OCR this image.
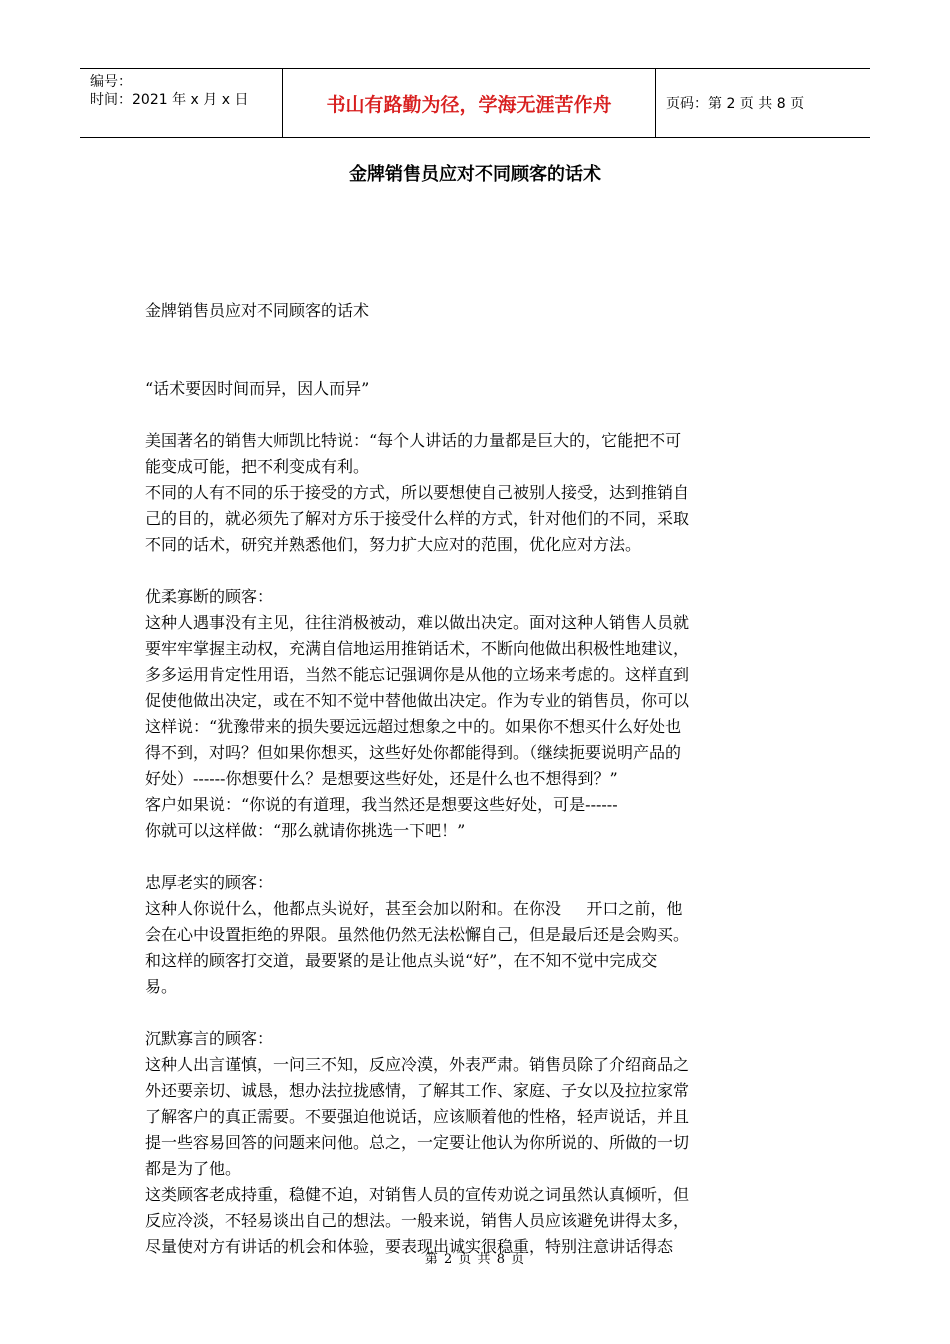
编号：
时间：2021 年 x 月 x 日	书山有路勤为径，学海无涯苦作舟	页码：第 2 页 共 8 页
金牌销售员应对不同顾客的话术

金牌销售员应对不同顾客的话术

“话术要因时间而异，因人而异”

美国著名的销售大师凯比特说：“每个人讲话的力量都是巨大的，它能把不可

能变成可能，把不利变成有利。

不同的人有不同的乐于接受的方式，所以要想使自己被别人接受，达到推销自

己的目的，就必须先了解对方乐于接受什么样的方式，针对他们的不同，采取

不同的话术，研究并熟悉他们，努力扩大应对的范围，优化应对方法。

优柔寡断的顾客：

这种人遇事没有主见，往往消极被动，难以做出决定。面对这种人销售人员就

要牢牢掌握主动权，充满自信地运用推销话术，不断向他做出积极性地建议，

多多运用肯定性用语，当然不能忘记强调你是从他的立场来考虑的。这样直到

促使他做出决定，或在不知不觉中替他做出决定。作为专业的销售员，你可以

这样说：“犹豫带来的损失要远远超过想象之中的。如果你不想买什么好处也

得不到，对吗？但如果你想买，这些好处你都能得到。（继续扼要说明产品的

好处）------你想要什么？是想要这些好处，还是什么也不想得到？”

客户如果说：“你说的有道理，我当然还是想要这些好处，可是------

你就可以这样做：“那么就请你挑选一下吧！”

忠厚老实的顾客：

这种人你说什么，他都点头说好，甚至会加以附和。在你没     开口之前，他

会在心中设置拒绝的界限。虽然他仍然无法松懈自己，但是最后还是会购买。

和这样的顾客打交道，最要紧的是让他点头说“好”，在不知不觉中完成交

易。

沉默寡言的顾客：

这种人出言谨慎，一问三不知，反应冷漠，外表严肃。销售员除了介绍商品之

外还要亲切、诚恳，想办法拉拢感情，了解其工作、家庭、子女以及拉拉家常

了解客户的真正需要。不要强迫他说话，应该顺着他的性格，轻声说话，并且

提一些容易回答的问题来问他。总之，一定要让他认为你所说的、所做的一切

都是为了他。

这类顾客老成持重，稳健不迫，对销售人员的宣传劝说之词虽然认真倾听，但

反应冷淡，不轻易谈出自己的想法。一般来说，销售人员应该避免讲得太多，

尽量使对方有讲话的机会和体验，要表现出诚实很稳重，特别注意讲话得态

第 2 页 共 8 页
